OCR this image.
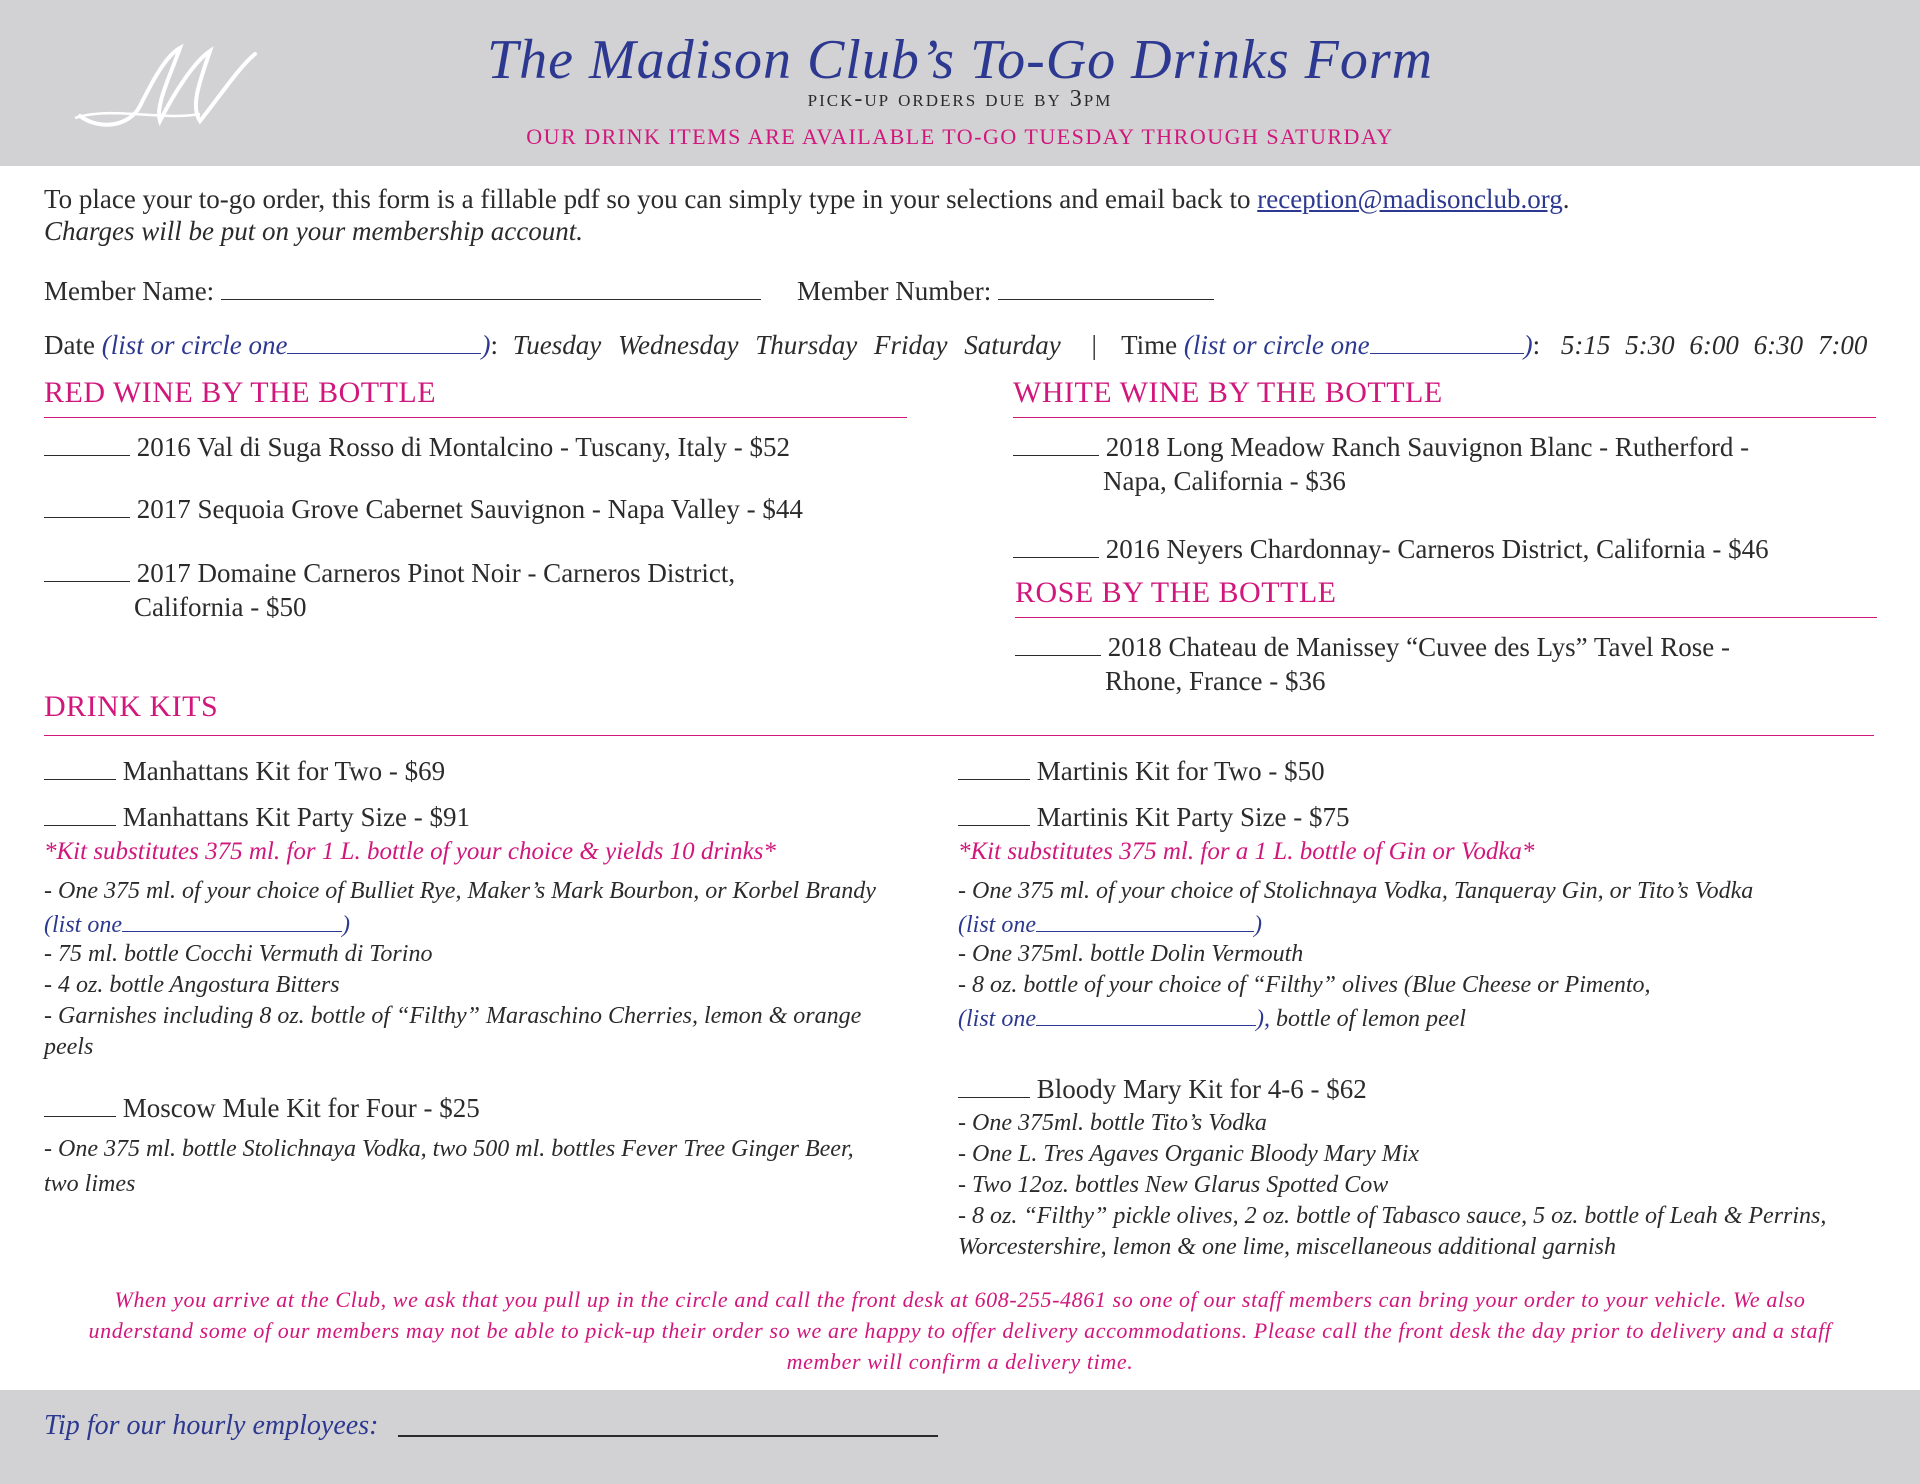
The Madison Club’s To-Go Drinks Form
pick-up orders due by 3pm
OUR DRINK ITEMS ARE AVAILABLE TO-GO TUESDAY THROUGH SATURDAY
To place your to-go order, this form is a fillable pdf so you can simply type in your selections and email back to reception@madisonclub.org.
Charges will be put on your membership account.
Member Name:	Member Number:
Date (list or circle one	): Tuesday Wednesday Thursday Friday Saturday | Time (list or circle one	): 5:15 5:30 6:00 6:30 7:00
RED WINE BY THE BOTTLE
2016 Val di Suga Rosso di Montalcino - Tuscany, Italy - $52
2017 Sequoia Grove Cabernet Sauvignon - Napa Valley - $44
2017 Domaine Carneros Pinot Noir - Carneros District,
California - $50
WHITE WINE BY THE BOTTLE
2018 Long Meadow Ranch Sauvignon Blanc - Rutherford -
Napa, California - $36
2016 Neyers Chardonnay- Carneros District, California - $46
ROSE BY THE BOTTLE
2018 Chateau de Manissey “Cuvee des Lys” Tavel Rose -
Rhone, France - $36
DRINK KITS
Manhattans Kit for Two - $69
Manhattans Kit Party Size - $91
*Kit substitutes 375 ml. for 1 L. bottle of your choice & yields 10 drinks*
- One 375 ml. of your choice of Bulliet Rye, Maker’s Mark Bourbon, or Korbel Brandy (list one	)
- 75 ml. bottle Cocchi Vermuth di Torino
- 4 oz. bottle Angostura Bitters
- Garnishes including 8 oz. bottle of “Filthy” Maraschino Cherries, lemon & orange peels
Moscow Mule Kit for Four - $25
- One 375 ml. bottle Stolichnaya Vodka, two 500 ml. bottles Fever Tree Ginger Beer, two limes
Martinis Kit for Two - $50
Martinis Kit Party Size - $75
*Kit substitutes 375 ml. for a 1 L. bottle of Gin or Vodka*
- One 375 ml. of your choice of Stolichnaya Vodka, Tanqueray Gin, or Tito’s Vodka
(list one	)
- One 375ml. bottle Dolin Vermouth
- 8 oz. bottle of your choice of “Filthy” olives (Blue Cheese or Pimento,
(list one	), bottle of lemon peel
Bloody Mary Kit for 4-6 - $62
- One 375ml. bottle Tito’s Vodka
- One L. Tres Agaves Organic Bloody Mary Mix
- Two 12oz. bottles New Glarus Spotted Cow
- 8 oz. “Filthy” pickle olives, 2 oz. bottle of Tabasco sauce, 5 oz. bottle of Leah & Perrins, Worcestershire, lemon & one lime, miscellaneous additional garnish
When you arrive at the Club, we ask that you pull up in the circle and call the front desk at 608-255-4861 so one of our staff members can bring your order to your vehicle. We also understand some of our members may not be able to pick-up their order so we are happy to offer delivery accommodations. Please call the front desk the day prior to delivery and a staff member will confirm a delivery time.
Tip for our hourly employees:
